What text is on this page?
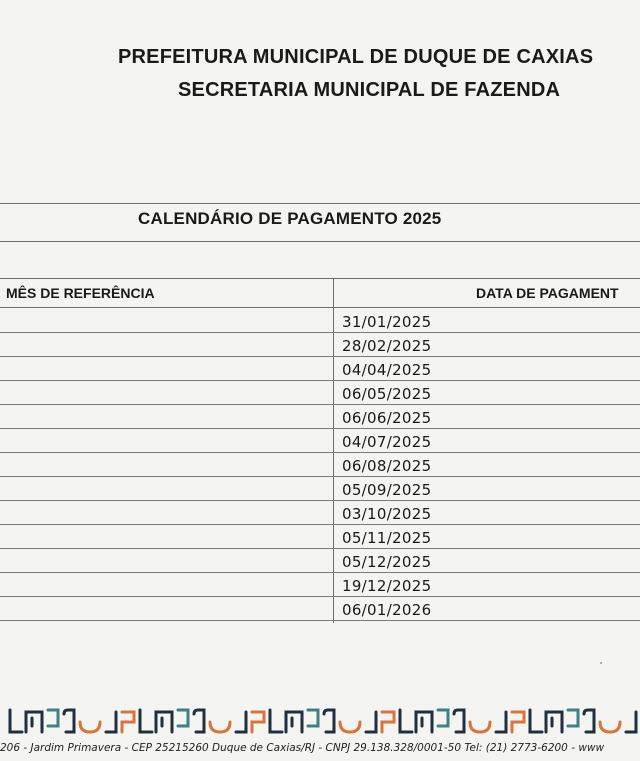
PREFEITURA MUNICIPAL DE DUQUE DE CAXIAS
SECRETARIA MUNICIPAL DE FAZENDA
CALENDÁRIO DE PAGAMENTO 2025
MÊS DE REFERÊNCIA	DATA DE PAGAMENT
31/01/2025
28/02/2025
04/04/2025
06/05/2025
06/06/2025
04/07/2025
06/08/2025
05/09/2025
03/10/2025
05/11/2025
05/12/2025
19/12/2025
06/01/2026
206 - Jardim Primavera - CEP 25215260 Duque de Caxias/RJ - CNPJ 29.138.328/0001-50 Tel: (21) 2773-6200 - www
